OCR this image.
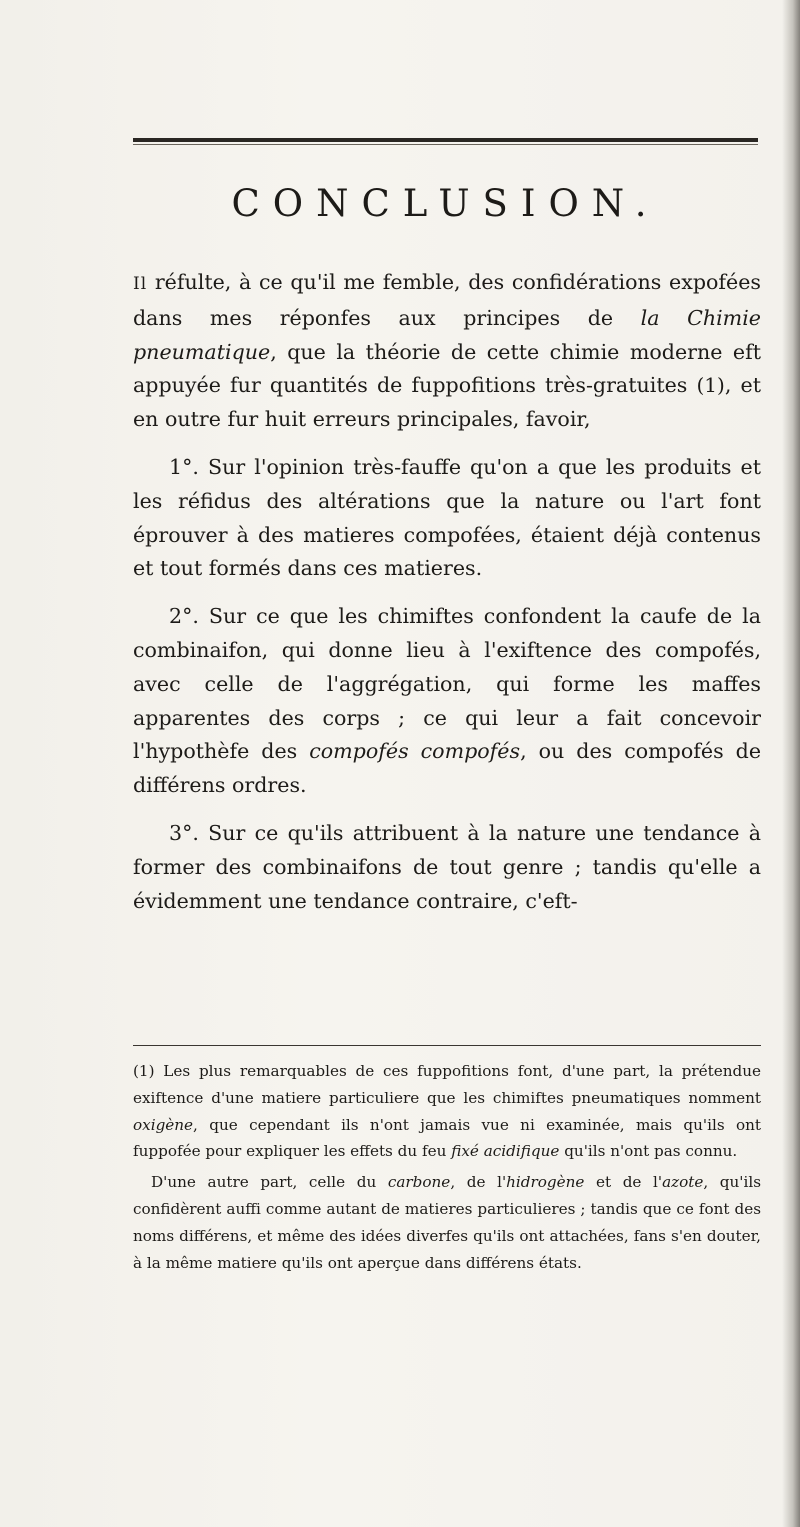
CONCLUSION.

Il réfulte, à ce qu'il me femble, des confidérations expofées dans mes réponfes aux principes de la Chimie pneumatique, que la théorie de cette chimie moderne eft appuyée fur quantités de fuppofitions très-gratuites (1), et en outre fur huit erreurs principales, favoir,

1°. Sur l'opinion très-fauffe qu'on a que les produits et les réfidus des altérations que la nature ou l'art font éprouver à des matieres compofées, étaient déjà contenus et tout formés dans ces matieres.

2°. Sur ce que les chimiftes confondent la caufe de la combinaifon, qui donne lieu à l'exiftence des compofés, avec celle de l'aggrégation, qui forme les maffes apparentes des corps ; ce qui leur a fait concevoir l'hypothèfe des compofés compofés, ou des compofés de différens ordres.

3°. Sur ce qu'ils attribuent à la nature une tendance à former des combinaifons de tout genre ; tandis qu'elle a évidemment une tendance contraire, c'eft-

(1) Les plus remarquables de ces fuppofitions font, d'une part, la prétendue exiftence d'une matiere particuliere que les chimiftes pneumatiques nomment oxigène, que cependant ils n'ont jamais vue ni examinée, mais qu'ils ont fuppofée pour expliquer les effets du feu fixé acidifique qu'ils n'ont pas connu.

D'une autre part, celle du carbone, de l'hidrogène et de l'azote, qu'ils confidèrent auffi comme autant de matieres particulieres ; tandis que ce font des noms différens, et même des idées diverfes qu'ils ont attachées, fans s'en douter, à la même matiere qu'ils ont aperçue dans différens états.
